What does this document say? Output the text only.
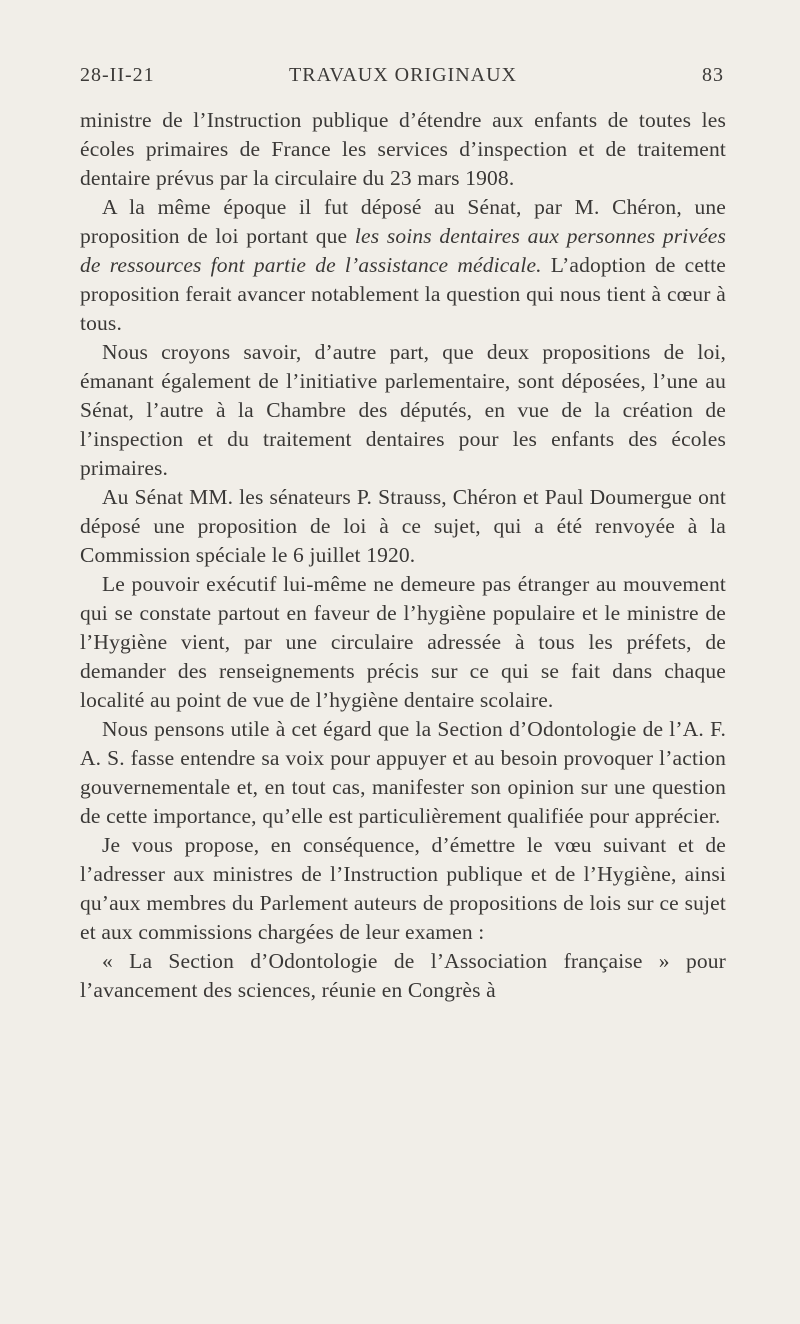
28-II-21	TRAVAUX ORIGINAUX	83

ministre de l’Instruction publique d’étendre aux enfants de toutes les écoles primaires de France les services d’inspection et de traitement dentaire prévus par la circulaire du 23 mars 1908.

A la même époque il fut déposé au Sénat, par M. Chéron, une proposition de loi portant que les soins dentaires aux personnes privées de ressources font partie de l’assistance médicale. L’adoption de cette proposition ferait avancer notablement la question qui nous tient à cœur à tous.

Nous croyons savoir, d’autre part, que deux propositions de loi, émanant également de l’initiative parlementaire, sont déposées, l’une au Sénat, l’autre à la Chambre des députés, en vue de la création de l’inspection et du traitement dentaires pour les enfants des écoles primaires.

Au Sénat MM. les sénateurs P. Strauss, Chéron et Paul Doumergue ont déposé une proposition de loi à ce sujet, qui a été renvoyée à la Commission spéciale le 6 juillet 1920.

Le pouvoir exécutif lui-même ne demeure pas étranger au mouvement qui se constate partout en faveur de l’hygiène populaire et le ministre de l’Hygiène vient, par une circulaire adressée à tous les préfets, de demander des renseignements précis sur ce qui se fait dans chaque localité au point de vue de l’hygiène dentaire scolaire.

Nous pensons utile à cet égard que la Section d’Odontologie de l’A. F. A. S. fasse entendre sa voix pour appuyer et au besoin provoquer l’action gouvernementale et, en tout cas, manifester son opinion sur une question de cette importance, qu’elle est particulièrement qualifiée pour apprécier.

Je vous propose, en conséquence, d’émettre le vœu suivant et de l’adresser aux ministres de l’Instruction publique et de l’Hygiène, ainsi qu’aux membres du Parlement auteurs de propositions de lois sur ce sujet et aux commissions chargées de leur examen :

« La Section d’Odontologie de l’Association française » pour l’avancement des sciences, réunie en Congrès à
